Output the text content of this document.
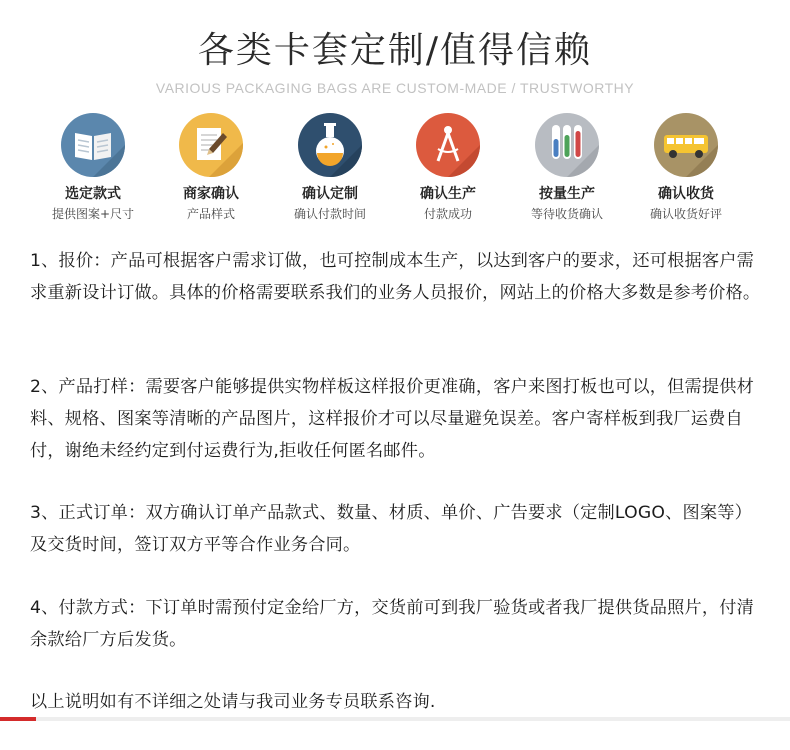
各类卡套定制/值得信赖
VARIOUS PACKAGING BAGS ARE CUSTOM-MADE / TRUSTWORTHY
选定款式
提供图案+尺寸
商家确认
产品样式
确认定制
确认付款时间
确认生产
付款成功
按量生产
等待收货确认
确认收货
确认收货好评
1、报价：产品可根据客户需求订做，也可控制成本生产，以达到客户的要求，还可根据客户需求重新设计订做。具体的价格需要联系我们的业务人员报价，网站上的价格大多数是参考价格。
2、产品打样：需要客户能够提供实物样板这样报价更准确，客户来图打板也可以，但需提供材料、规格、图案等清晰的产品图片，这样报价才可以尽量避免误差。客户寄样板到我厂运费自付，谢绝未经约定到付运费行为,拒收任何匿名邮件。
3、正式订单：双方确认订单产品款式、数量、材质、单价、广告要求（定制LOGO、图案等）及交货时间，签订双方平等合作业务合同。
4、付款方式：下订单时需预付定金给厂方，交货前可到我厂验货或者我厂提供货品照片，付清余款给厂方后发货。
以上说明如有不详细之处请与我司业务专员联系咨询.
